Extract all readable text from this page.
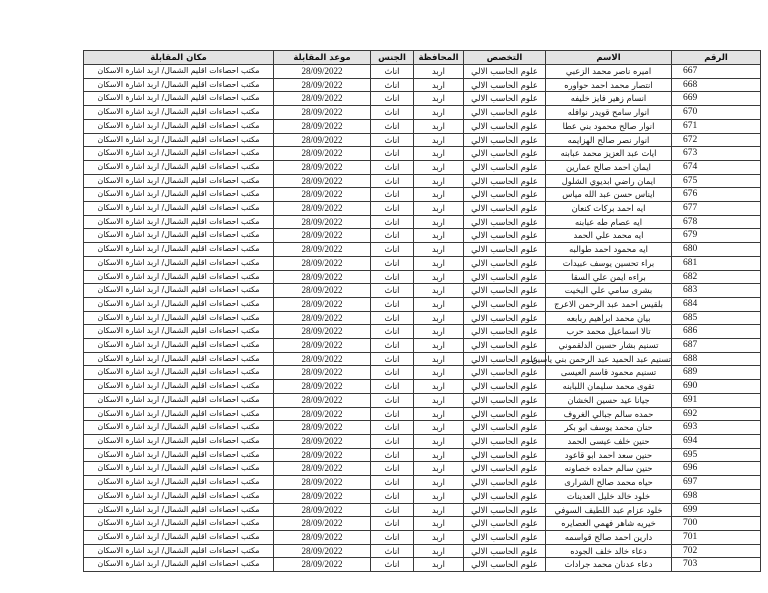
الرقم	الاسم	التخصص	المحافظة	الجنس	موعد المقابلة	مكان المقابلة
667	اميره ناصر محمد الزعبي	علوم الحاسب الالي	اربد	اناث	28/09/2022	مكتب احصاءات اقليم الشمال/ اربد اشارة الاسكان
668	انتصار محمد احمد حواوره	علوم الحاسب الالي	اربد	اناث	28/09/2022	مكتب احصاءات اقليم الشمال/ اربد اشارة الاسكان
669	انسام زهير فايز خليفه	علوم الحاسب الالي	اربد	اناث	28/09/2022	مكتب احصاءات اقليم الشمال/ اربد اشارة الاسكان
670	انوار سامح قويدر نوافله	علوم الحاسب الالي	اربد	اناث	28/09/2022	مكتب احصاءات اقليم الشمال/ اربد اشارة الاسكان
671	انوار صالح محمود بني عطا	علوم الحاسب الالي	اربد	اناث	28/09/2022	مكتب احصاءات اقليم الشمال/ اربد اشارة الاسكان
672	انوار نصر صالح الهزايمه	علوم الحاسب الالي	اربد	اناث	28/09/2022	مكتب احصاءات اقليم الشمال/ اربد اشارة الاسكان
673	ايات عبد العزيز محمد عبابنه	علوم الحاسب الالي	اربد	اناث	28/09/2022	مكتب احصاءات اقليم الشمال/ اربد اشارة الاسكان
674	ايمان احمد صالح عمارين	علوم الحاسب الالي	اربد	اناث	28/09/2022	مكتب احصاءات اقليم الشمال/ اربد اشارة الاسكان
675	ايمان راضي ابديوي الشلول	علوم الحاسب الالي	اربد	اناث	28/09/2022	مكتب احصاءات اقليم الشمال/ اربد اشارة الاسكان
676	ايناس حسن عبد الله مياس	علوم الحاسب الالي	اربد	اناث	28/09/2022	مكتب احصاءات اقليم الشمال/ اربد اشارة الاسكان
677	ايه احمد بركات كنعان	علوم الحاسب الالي	اربد	اناث	28/09/2022	مكتب احصاءات اقليم الشمال/ اربد اشارة الاسكان
678	ايه عصام طه عبابنه	علوم الحاسب الالي	اربد	اناث	28/09/2022	مكتب احصاءات اقليم الشمال/ اربد اشارة الاسكان
679	ايه محمد علي الحمد	علوم الحاسب الالي	اربد	اناث	28/09/2022	مكتب احصاءات اقليم الشمال/ اربد اشارة الاسكان
680	ايه محمود احمد طوالبه	علوم الحاسب الالي	اربد	اناث	28/09/2022	مكتب احصاءات اقليم الشمال/ اربد اشارة الاسكان
681	براء تحسين يوسف عبيدات	علوم الحاسب الالي	اربد	اناث	28/09/2022	مكتب احصاءات اقليم الشمال/ اربد اشارة الاسكان
682	براءه ايمن علي السقا	علوم الحاسب الالي	اربد	اناث	28/09/2022	مكتب احصاءات اقليم الشمال/ اربد اشارة الاسكان
683	بشرى سامي علي البخيت	علوم الحاسب الالي	اربد	اناث	28/09/2022	مكتب احصاءات اقليم الشمال/ اربد اشارة الاسكان
684	بلقيس احمد عبد الرحمن الاعرج	علوم الحاسب الالي	اربد	اناث	28/09/2022	مكتب احصاءات اقليم الشمال/ اربد اشارة الاسكان
685	بيان محمد ابراهيم ربابعه	علوم الحاسب الالي	اربد	اناث	28/09/2022	مكتب احصاءات اقليم الشمال/ اربد اشارة الاسكان
686	تالا اسماعيل محمد حرب	علوم الحاسب الالي	اربد	اناث	28/09/2022	مكتب احصاءات اقليم الشمال/ اربد اشارة الاسكان
687	تسنيم بشار حسين الدلقموني	علوم الحاسب الالي	اربد	اناث	28/09/2022	مكتب احصاءات اقليم الشمال/ اربد اشارة الاسكان
688	تسنيم عبد الحميد عبد الرحمن بني ياسين	علوم الحاسب الالي	اربد	اناث	28/09/2022	مكتب احصاءات اقليم الشمال/ اربد اشارة الاسكان
689	تسنيم محمود قاسم العيسى	علوم الحاسب الالي	اربد	اناث	28/09/2022	مكتب احصاءات اقليم الشمال/ اربد اشارة الاسكان
690	تقوى محمد سليمان اللبابنه	علوم الحاسب الالي	اربد	اناث	28/09/2022	مكتب احصاءات اقليم الشمال/ اربد اشارة الاسكان
691	جيانا عيد حسين الخشان	علوم الحاسب الالي	اربد	اناث	28/09/2022	مكتب احصاءات اقليم الشمال/ اربد اشارة الاسكان
692	حمده سالم جبالي الغروف	علوم الحاسب الالي	اربد	اناث	28/09/2022	مكتب احصاءات اقليم الشمال/ اربد اشارة الاسكان
693	حنان محمد يوسف ابو بكر	علوم الحاسب الالي	اربد	اناث	28/09/2022	مكتب احصاءات اقليم الشمال/ اربد اشارة الاسكان
694	حنين خلف عيسى الحمد	علوم الحاسب الالي	اربد	اناث	28/09/2022	مكتب احصاءات اقليم الشمال/ اربد اشارة الاسكان
695	حنين سعد احمد ابو قاعود	علوم الحاسب الالي	اربد	اناث	28/09/2022	مكتب احصاءات اقليم الشمال/ اربد اشارة الاسكان
696	حنين سالم حماده خصاونه	علوم الحاسب الالي	اربد	اناث	28/09/2022	مكتب احصاءات اقليم الشمال/ اربد اشارة الاسكان
697	حياه محمد صالح الشرارى	علوم الحاسب الالي	اربد	اناث	28/09/2022	مكتب احصاءات اقليم الشمال/ اربد اشارة الاسكان
698	خلود خالد خليل العدينات	علوم الحاسب الالي	اربد	اناث	28/09/2022	مكتب احصاءات اقليم الشمال/ اربد اشارة الاسكان
699	خلود عزام عبد اللطيف السوفي	علوم الحاسب الالي	اربد	اناث	28/09/2022	مكتب احصاءات اقليم الشمال/ اربد اشارة الاسكان
700	خيريه شاهر فهمي العصايره	علوم الحاسب الالي	اربد	اناث	28/09/2022	مكتب احصاءات اقليم الشمال/ اربد اشارة الاسكان
701	دارين احمد صالح قواسمه	علوم الحاسب الالي	اربد	اناث	28/09/2022	مكتب احصاءات اقليم الشمال/ اربد اشارة الاسكان
702	دعاء خالد خلف الجوده	علوم الحاسب الالي	اربد	اناث	28/09/2022	مكتب احصاءات اقليم الشمال/ اربد اشارة الاسكان
703	دعاء عدنان محمد جرادات	علوم الحاسب الالي	اربد	اناث	28/09/2022	مكتب احصاءات اقليم الشمال/ اربد اشارة الاسكان
